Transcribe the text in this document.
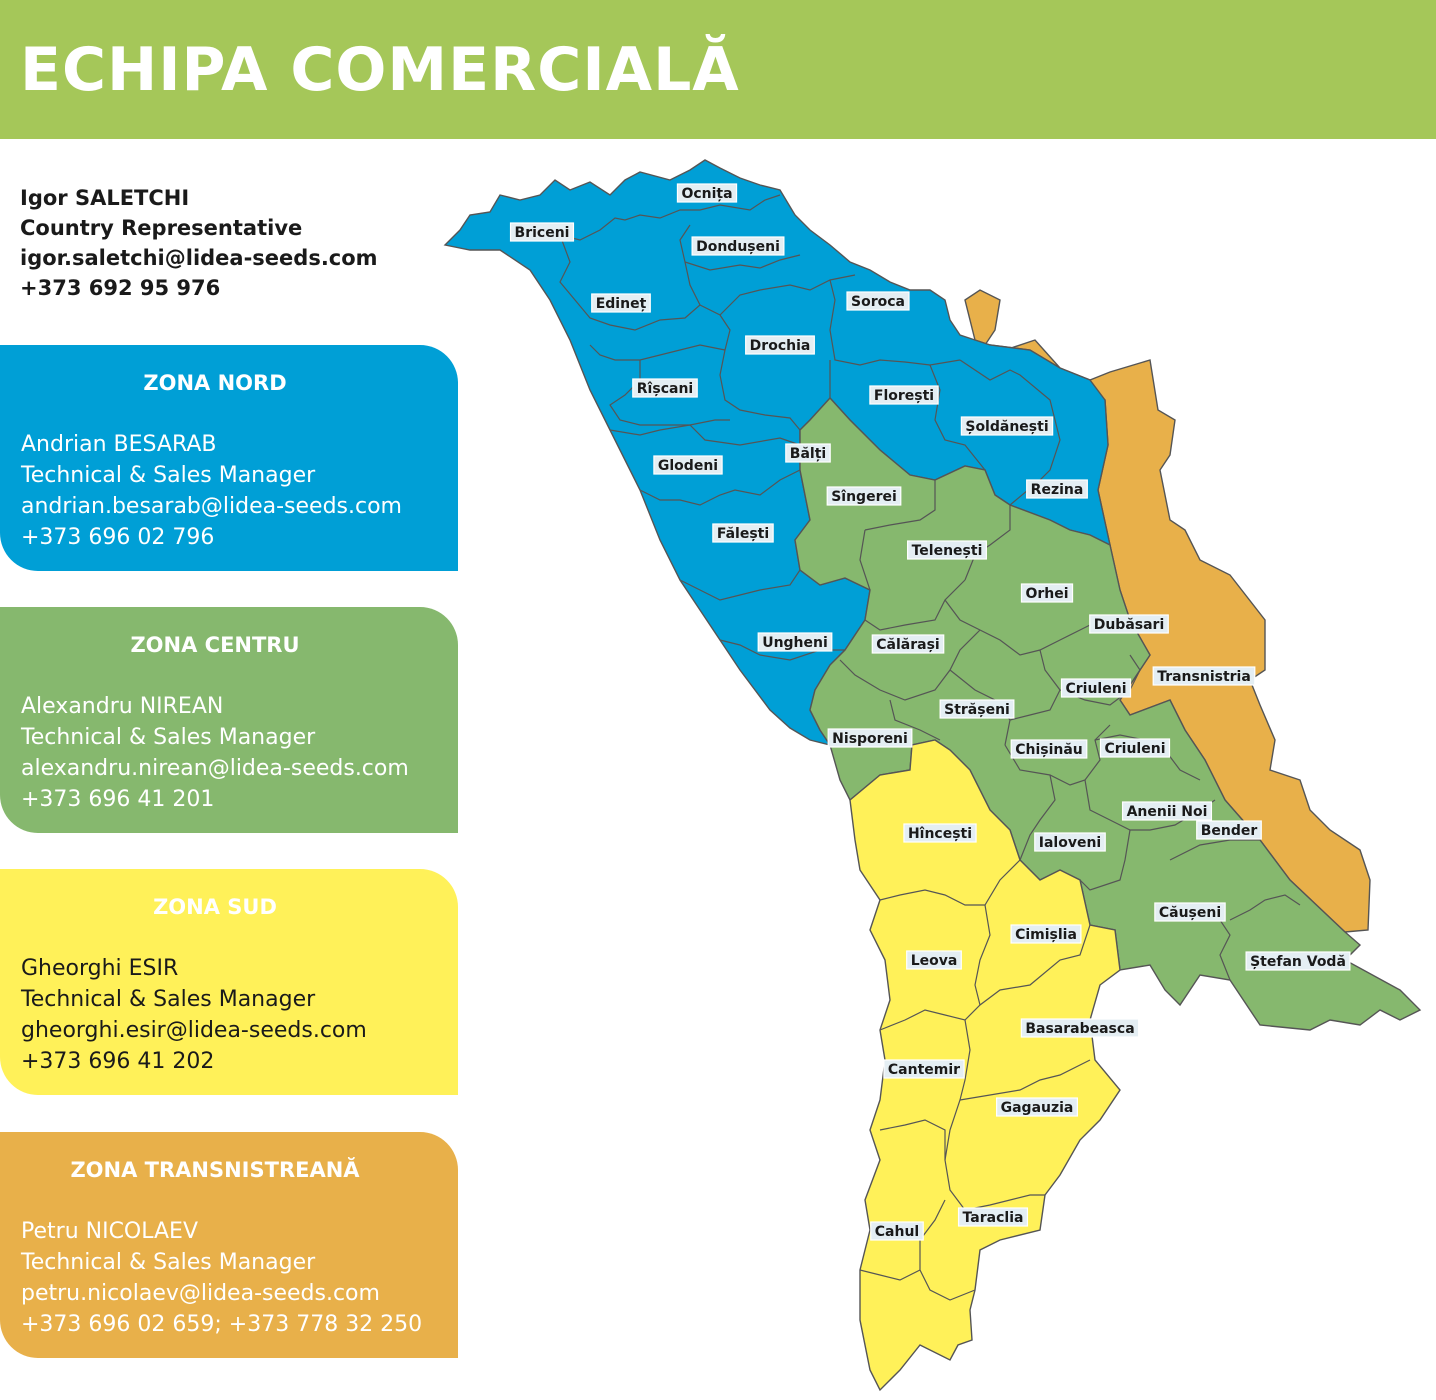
ECHIPA COMERCIALĂ
Igor SALETCHI
Country Representative
igor.saletchi@lidea-seeds.com
+373 692 95 976
ZONA NORD
Andrian BESARAB
Technical & Sales Manager
andrian.besarab@lidea-seeds.com
+373 696 02 796
ZONA CENTRU
Alexandru NIREAN
Technical & Sales Manager
alexandru.nirean@lidea-seeds.com
+373 696 41 201
ZONA SUD
Gheorghi ESIR
Technical & Sales Manager
gheorghi.esir@lidea-seeds.com
+373 696 41 202
ZONA TRANSNISTREANĂ
Petru NICOLAEV
Technical & Sales Manager
petru.nicolaev@lidea-seeds.com
+373 696 02 659; +373 778 32 250
Ocnița
Briceni
Dondușeni
Edineț	Soroca
Drochia
Rîșcani	Florești
Șoldănești
Bălți
Glodeni
Rezina
Sîngerei
Fălești
Telenești
Orhei
Dubăsari
Ungheni	Călărași
Transnistria
Criuleni
Strășeni
Nisporeni
Chișinău Criuleni
Anenii Noi
Bender
Hîncești
Ialoveni
Căușeni
Cimișlia
Leova	Ștefan Vodă
Basarabeasca
Cantemir
Gagauzia
Taraclia
Cahul
